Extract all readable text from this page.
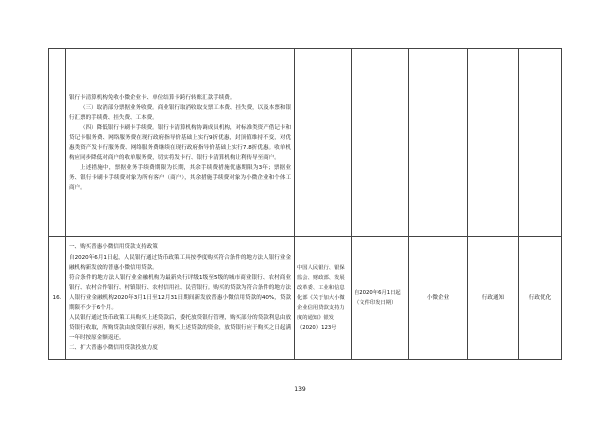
	银行卡清算机构免收小微企业卡、单位结算卡跨行转账汇款手续费。
（三）取消部分票据业务收费。商业银行取消收取支票工本费、挂失费，以及本票和银行汇票的手续费、挂失费、工本费。
（四）降低银行卡刷卡手续费。银行卡清算机构协调成员机构，对标准类资产借记卡和贷记卡服务费、网络服务费在现行政府指导价基础上实行9折优惠，封顶值维持不变，对优惠类资产发卡行服务费、网络服务费继续在现行政府指导价基础上实行7.8折优惠。收单机构应同步降低对商户的收单服务费，切实将发卡行、银行卡清算机构让利传导至商户。
上述措施中，票据业务手续费期限为长期，其余手续费措施优惠期限为3年；票据业务、银行卡刷卡手续费对象为所有客户（商户），其余措施手续费对象为小微企业和个体工商户。					

16.	一、购买普惠小微信用贷款支持政策
自2020年6月1日起，人民银行通过货币政策工具按季度购买符合条件的地方法人银行业金融机构新发放的普惠小微信用贷款。
符合条件的地方法人银行业金融机构为最新央行评级1级至5级的城市商业银行、农村商业银行、农村合作银行、村镇银行、农村信用社、民营银行。购买的贷款为符合条件的地方法人银行业金融机构2020年3月1日至12月31日期间新发放普惠小微信用贷款的40%，贷款期限不少于6个月。
人民银行通过货币政策工具购买上述贷款后，委托放贷银行管理，购买部分的贷款利息由放贷银行收取，所购贷款由放贷银行承担，购买上述贷款的资金，放贷银行应于购买之日起满一年时按原金额返还。
二、扩大普惠小微信用贷款投放力度	中国人民银行、银保监会、财政部、发展改革委、工业和信息化部《关于加大小微企业信用贷款支持力度的通知》银发（2020）123号	自2020年6月1日起（文件印发日期）	小微企业	行政通知	行政优化
139
